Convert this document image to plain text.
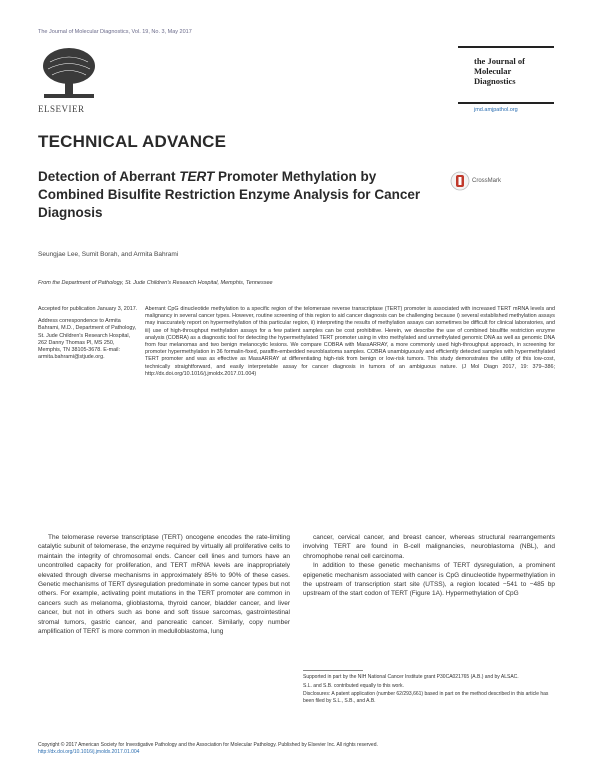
The Journal of Molecular Diagnostics, Vol. 19, No. 3, May 2017
ELSEVIER
the Journal of
Molecular
Diagnostics
jmd.amjpathol.org
TECHNICAL ADVANCE
Detection of Aberrant TERT Promoter Methylation by Combined Bisulfite Restriction Enzyme Analysis for Cancer Diagnosis
CrossMark
Seungjae Lee, Sumit Borah, and Armita Bahrami
From the Department of Pathology, St. Jude Children's Research Hospital, Memphis, Tennessee
Accepted for publication January 3, 2017.
Address correspondence to Armita Bahrami, M.D., Department of Pathology, St. Jude Children's Research Hospital, 262 Danny Thomas Pl, MS 250, Memphis, TN 38105-3678. E-mail: armita.bahrami@stjude.org.
Aberrant CpG dinucleotide methylation to a specific region of the telomerase reverse transcriptase (TERT) promoter is associated with increased TERT mRNA levels and malignancy in several cancer types. However, routine screening of this region to aid cancer diagnosis can be challenging because i) several established methylation assays may inaccurately report on hypermethylation of this particular region, ii) interpreting the results of methylation assays can sometimes be difficult for clinical laboratories, and iii) use of high-throughput methylation assays for a few patient samples can be cost prohibitive. Herein, we describe the use of combined bisulfite restriction enzyme analysis (COBRA) as a diagnostic tool for detecting the hypermethylated TERT promoter using in vitro methylated and unmethylated genomic DNA as well as genomic DNA from four melanomas and two benign melanocytic lesions. We compare COBRA with MassARRAY, a more commonly used high-throughput approach, in screening for promoter hypermethylation in 36 formalin-fixed, paraffin-embedded neuroblastoma samples. COBRA unambiguously and efficiently detected samples with hypermethylated TERT promoter and was as effective as MassARRAY at differentiating high-risk from benign or low-risk tumors. This study demonstrates the utility of this low-cost, technically straightforward, and easily interpretable assay for cancer diagnosis in tumors of an ambiguous nature. (J Mol Diagn 2017, 19: 379–386; http://dx.doi.org/10.1016/j.jmoldx.2017.01.004)

The telomerase reverse transcriptase (TERT) oncogene encodes the rate-limiting catalytic subunit of telomerase, the enzyme required by virtually all proliferative cells to maintain the integrity of chromosomal ends. Cancer cell lines and tumors have an uncontrolled capacity for proliferation, and TERT mRNA levels are inappropriately elevated through diverse mechanisms in approximately 85% to 90% of these cases. Genetic mechanisms of TERT dysregulation predominate in some cancer types but not others. For example, activating point mutations in the TERT promoter are common in cancers such as melanoma, glioblastoma, thyroid cancer, bladder cancer, and liver cancer, but not in others such as bone and soft tissue sarcomas, gastrointestinal stromal tumors, gastric cancer, and pancreatic cancer. Similarly, copy number amplification of TERT is more common in medulloblastoma, lung

cancer, cervical cancer, and breast cancer, whereas structural rearrangements involving TERT are found in B-cell malignancies, neuroblastoma (NBL), and chromophobe renal cell carcinoma.

In addition to these genetic mechanisms of TERT dysregulation, a prominent epigenetic mechanism associated with cancer is CpG dinucleotide hypermethylation in the upstream of transcription start site (UTSS), a region located −541 to −485 bp upstream of the start codon of TERT (Figure 1A). Hypermethylation of CpG

Supported in part by the NIH National Cancer Institute grant P30CA021765 (A.B.) and by ALSAC.

S.L. and S.B. contributed equally to this work.

Disclosures: A patent application (number 62/293,661) based in part on the method described in this article has been filed by S.L., S.B., and A.B.

Copyright © 2017 American Society for Investigative Pathology and the Association for Molecular Pathology. Published by Elsevier Inc. All rights reserved.
http://dx.doi.org/10.1016/j.jmoldx.2017.01.004
